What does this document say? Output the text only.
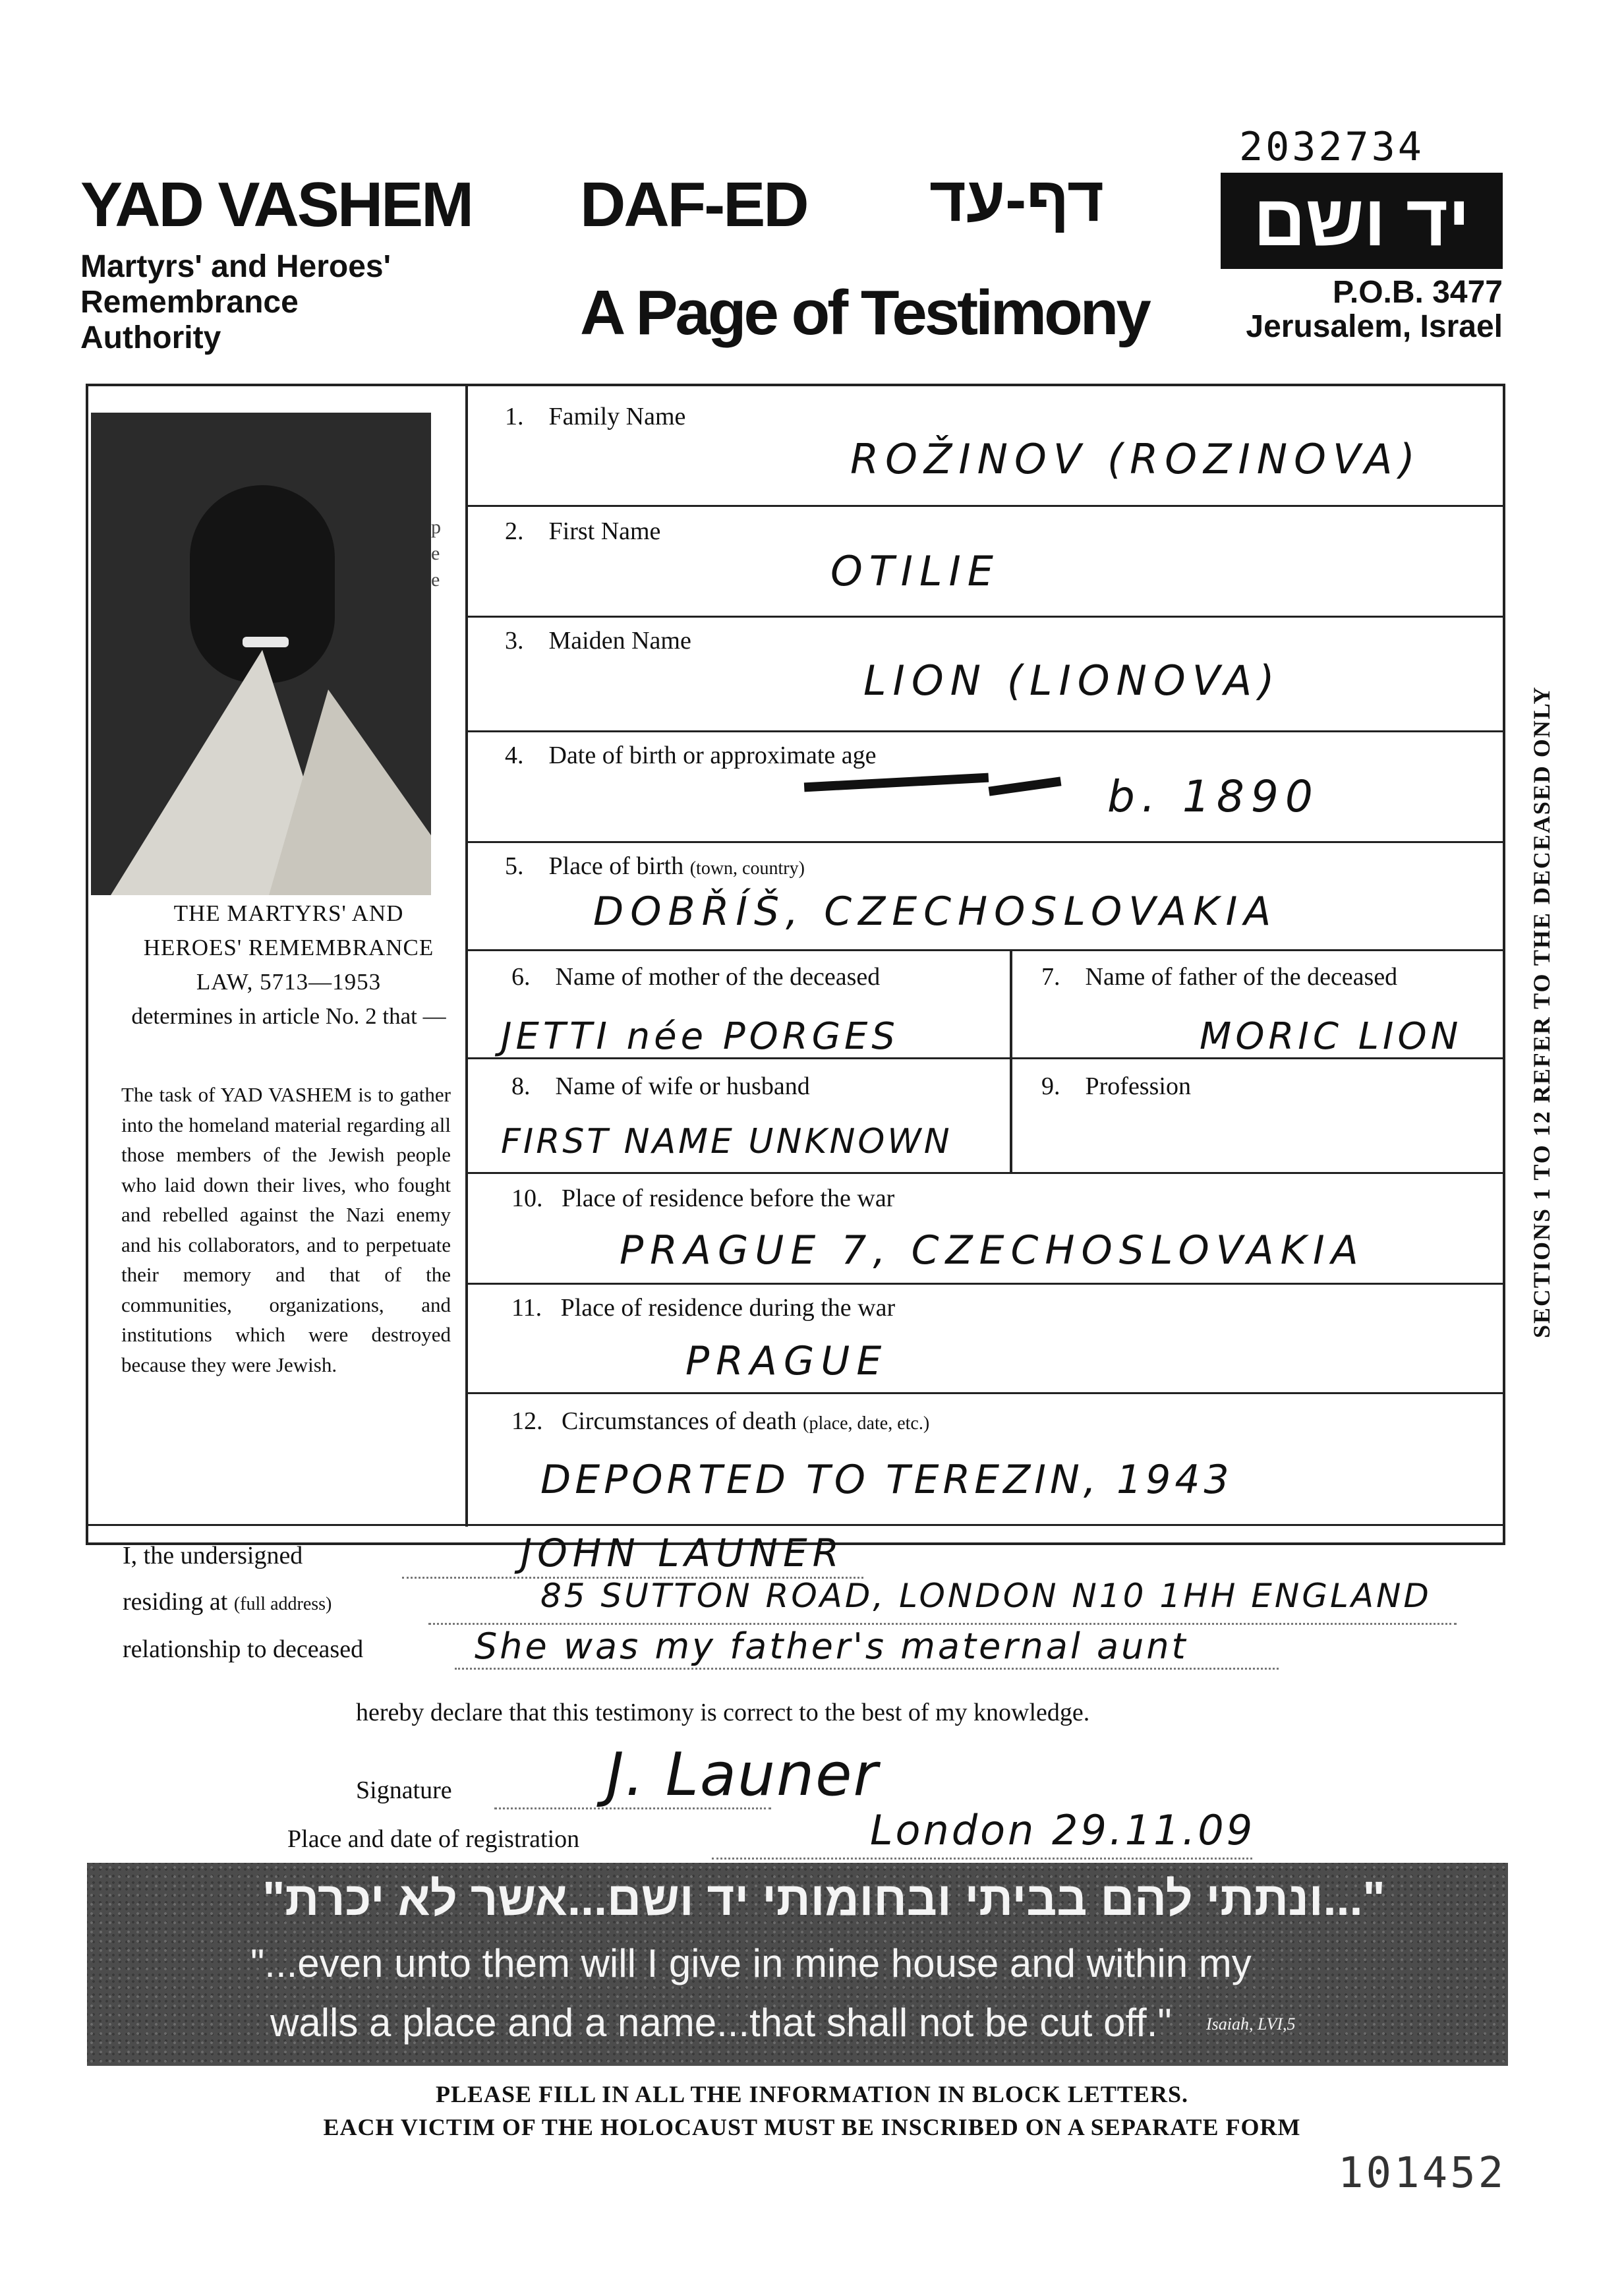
2032734
YAD VASHEM
Martyrs' and Heroes' Remembrance Authority
DAF-ED דף-עד
A Page of Testimony
יד ושם
P.O.B. 3477
Jerusalem, Israel
p e e
THE MARTYRS' AND HEROES' REMEMBRANCE LAW, 5713—1953
determines in article No. 2 that —
The task of YAD VASHEM is to gather into the homeland material regarding all those members of the Jewish people who laid down their lives, who fought and rebelled against the Nazi enemy and his collaborators, and to perpetuate their memory and that of the communities, organizations, and institutions which were destroyed because they were Jewish.
1. Family Name
ROŽINOV (ROZINOVA)
2. First Name
OTILIE
3. Maiden Name
LION (LIONOVA)
4. Date of birth or approximate age
b. 1890
5. Place of birth (town, country)
DOBŘÍŠ, CZECHOSLOVAKIA
6. Name of mother of the deceased
JETTI née PORGES
7. Name of father of the deceased
MORIC LION
8. Name of wife or husband
FIRST NAME UNKNOWN
9. Profession
10. Place of residence before the war
PRAGUE 7, CZECHOSLOVAKIA
11. Place of residence during the war
PRAGUE
12. Circumstances of death (place, date, etc.)
DEPORTED TO TEREZIN, 1943
SECTIONS 1 TO 12 REFER TO THE DECEASED ONLY
I, the undersigned	JOHN LAUNER
residing at (full address)	85 SUTTON ROAD, LONDON N10 1HH ENGLAND
relationship to deceased	She was my father's maternal aunt
hereby declare that this testimony is correct to the best of my knowledge.
Signature	J. Launer
Place and date of registration	London 29.11.09
"...ונתתי להם בביתי ובחומותי יד ושם...אשר לא יכרת"
"...even unto them will I give in mine house and within my
walls a place and a name...that shall not be cut off." Isaiah, LVI,5
PLEASE FILL IN ALL THE INFORMATION IN BLOCK LETTERS.
EACH VICTIM OF THE HOLOCAUST MUST BE INSCRIBED ON A SEPARATE FORM
101452
